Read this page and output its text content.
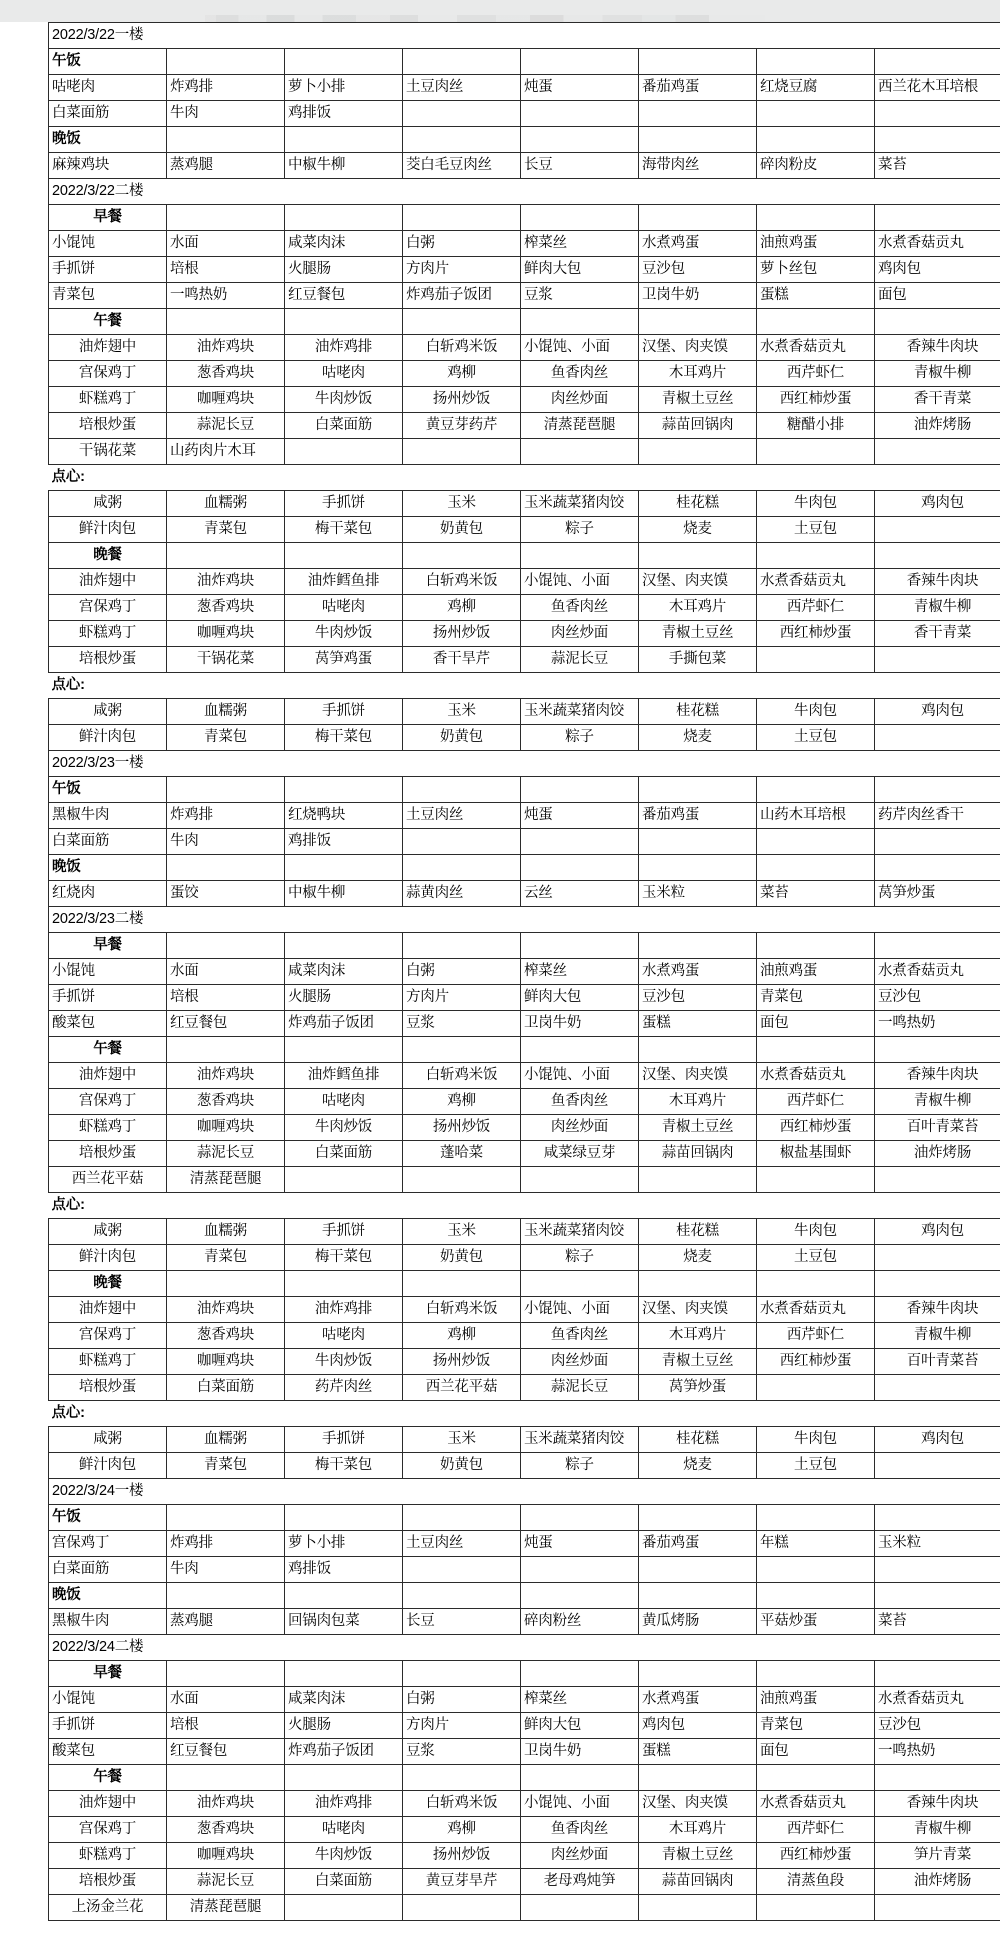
2022/3/22一楼							

午饭							

咕咾肉	炸鸡排	萝卜小排	土豆肉丝	炖蛋	番茄鸡蛋	红烧豆腐	西兰花木耳培根

白菜面筋	牛肉	鸡排饭					

晚饭							

麻辣鸡块	蒸鸡腿	中椒牛柳	茭白毛豆肉丝	长豆	海带肉丝	碎肉粉皮	菜苔

2022/3/22二楼							

早餐							

小馄饨	水面	咸菜肉沫	白粥	榨菜丝	水煮鸡蛋	油煎鸡蛋	水煮香菇贡丸

手抓饼	培根	火腿肠	方肉片	鲜肉大包	豆沙包	萝卜丝包	鸡肉包

青菜包	一鸣热奶	红豆餐包	炸鸡茄子饭团	豆浆	卫岗牛奶	蛋糕	面包

午餐							

油炸翅中	油炸鸡块	油炸鸡排	白斩鸡米饭	小馄饨、小面	汉堡、肉夹馍	水煮香菇贡丸	香辣牛肉块

宫保鸡丁	葱香鸡块	咕咾肉	鸡柳	鱼香肉丝	木耳鸡片	西芹虾仁	青椒牛柳

虾糕鸡丁	咖喱鸡块	牛肉炒饭	扬州炒饭	肉丝炒面	青椒土豆丝	西红柿炒蛋	香干青菜

培根炒蛋	蒜泥长豆	白菜面筋	黄豆芽药芹	清蒸琵琶腿	蒜苗回锅肉	糖醋小排	油炸烤肠

干锅花菜	山药肉片木耳						

点心:							

咸粥	血糯粥	手抓饼	玉米	玉米蔬菜猪肉饺	桂花糕	牛肉包	鸡肉包

鲜汁肉包	青菜包	梅干菜包	奶黄包	粽子	烧麦	土豆包	

晚餐							

油炸翅中	油炸鸡块	油炸鳕鱼排	白斩鸡米饭	小馄饨、小面	汉堡、肉夹馍	水煮香菇贡丸	香辣牛肉块

宫保鸡丁	葱香鸡块	咕咾肉	鸡柳	鱼香肉丝	木耳鸡片	西芹虾仁	青椒牛柳

虾糕鸡丁	咖喱鸡块	牛肉炒饭	扬州炒饭	肉丝炒面	青椒土豆丝	西红柿炒蛋	香干青菜

培根炒蛋	干锅花菜	莴笋鸡蛋	香干旱芹	蒜泥长豆	手撕包菜		

点心:							

咸粥	血糯粥	手抓饼	玉米	玉米蔬菜猪肉饺	桂花糕	牛肉包	鸡肉包

鲜汁肉包	青菜包	梅干菜包	奶黄包	粽子	烧麦	土豆包	

2022/3/23一楼							

午饭							

黑椒牛肉	炸鸡排	红烧鸭块	土豆肉丝	炖蛋	番茄鸡蛋	山药木耳培根	药芹肉丝香干

白菜面筋	牛肉	鸡排饭					

晚饭							

红烧肉	蛋饺	中椒牛柳	蒜黄肉丝	云丝	玉米粒	菜苔	莴笋炒蛋

2022/3/23二楼							

早餐							

小馄饨	水面	咸菜肉沫	白粥	榨菜丝	水煮鸡蛋	油煎鸡蛋	水煮香菇贡丸

手抓饼	培根	火腿肠	方肉片	鲜肉大包	豆沙包	青菜包	豆沙包

酸菜包	红豆餐包	炸鸡茄子饭团	豆浆	卫岗牛奶	蛋糕	面包	一鸣热奶

午餐							

油炸翅中	油炸鸡块	油炸鳕鱼排	白斩鸡米饭	小馄饨、小面	汉堡、肉夹馍	水煮香菇贡丸	香辣牛肉块

宫保鸡丁	葱香鸡块	咕咾肉	鸡柳	鱼香肉丝	木耳鸡片	西芹虾仁	青椒牛柳

虾糕鸡丁	咖喱鸡块	牛肉炒饭	扬州炒饭	肉丝炒面	青椒土豆丝	西红柿炒蛋	百叶青菜苔

培根炒蛋	蒜泥长豆	白菜面筋	蓬哈菜	咸菜绿豆芽	蒜苗回锅肉	椒盐基围虾	油炸烤肠

西兰花平菇	清蒸琵琶腿						

点心:							

咸粥	血糯粥	手抓饼	玉米	玉米蔬菜猪肉饺	桂花糕	牛肉包	鸡肉包

鲜汁肉包	青菜包	梅干菜包	奶黄包	粽子	烧麦	土豆包	

晚餐							

油炸翅中	油炸鸡块	油炸鸡排	白斩鸡米饭	小馄饨、小面	汉堡、肉夹馍	水煮香菇贡丸	香辣牛肉块

宫保鸡丁	葱香鸡块	咕咾肉	鸡柳	鱼香肉丝	木耳鸡片	西芹虾仁	青椒牛柳

虾糕鸡丁	咖喱鸡块	牛肉炒饭	扬州炒饭	肉丝炒面	青椒土豆丝	西红柿炒蛋	百叶青菜苔

培根炒蛋	白菜面筋	药芹肉丝	西兰花平菇	蒜泥长豆	莴笋炒蛋		

点心:							

咸粥	血糯粥	手抓饼	玉米	玉米蔬菜猪肉饺	桂花糕	牛肉包	鸡肉包

鲜汁肉包	青菜包	梅干菜包	奶黄包	粽子	烧麦	土豆包	

2022/3/24一楼							

午饭							

宫保鸡丁	炸鸡排	萝卜小排	土豆肉丝	炖蛋	番茄鸡蛋	年糕	玉米粒

白菜面筋	牛肉	鸡排饭					

晚饭							

黑椒牛肉	蒸鸡腿	回锅肉包菜	长豆	碎肉粉丝	黄瓜烤肠	平菇炒蛋	菜苔

2022/3/24二楼							

早餐							

小馄饨	水面	咸菜肉沫	白粥	榨菜丝	水煮鸡蛋	油煎鸡蛋	水煮香菇贡丸

手抓饼	培根	火腿肠	方肉片	鲜肉大包	鸡肉包	青菜包	豆沙包

酸菜包	红豆餐包	炸鸡茄子饭团	豆浆	卫岗牛奶	蛋糕	面包	一鸣热奶

午餐							

油炸翅中	油炸鸡块	油炸鸡排	白斩鸡米饭	小馄饨、小面	汉堡、肉夹馍	水煮香菇贡丸	香辣牛肉块

宫保鸡丁	葱香鸡块	咕咾肉	鸡柳	鱼香肉丝	木耳鸡片	西芹虾仁	青椒牛柳

虾糕鸡丁	咖喱鸡块	牛肉炒饭	扬州炒饭	肉丝炒面	青椒土豆丝	西红柿炒蛋	笋片青菜

培根炒蛋	蒜泥长豆	白菜面筋	黄豆芽旱芹	老母鸡炖笋	蒜苗回锅肉	清蒸鱼段	油炸烤肠

上汤金兰花	清蒸琵琶腿						
